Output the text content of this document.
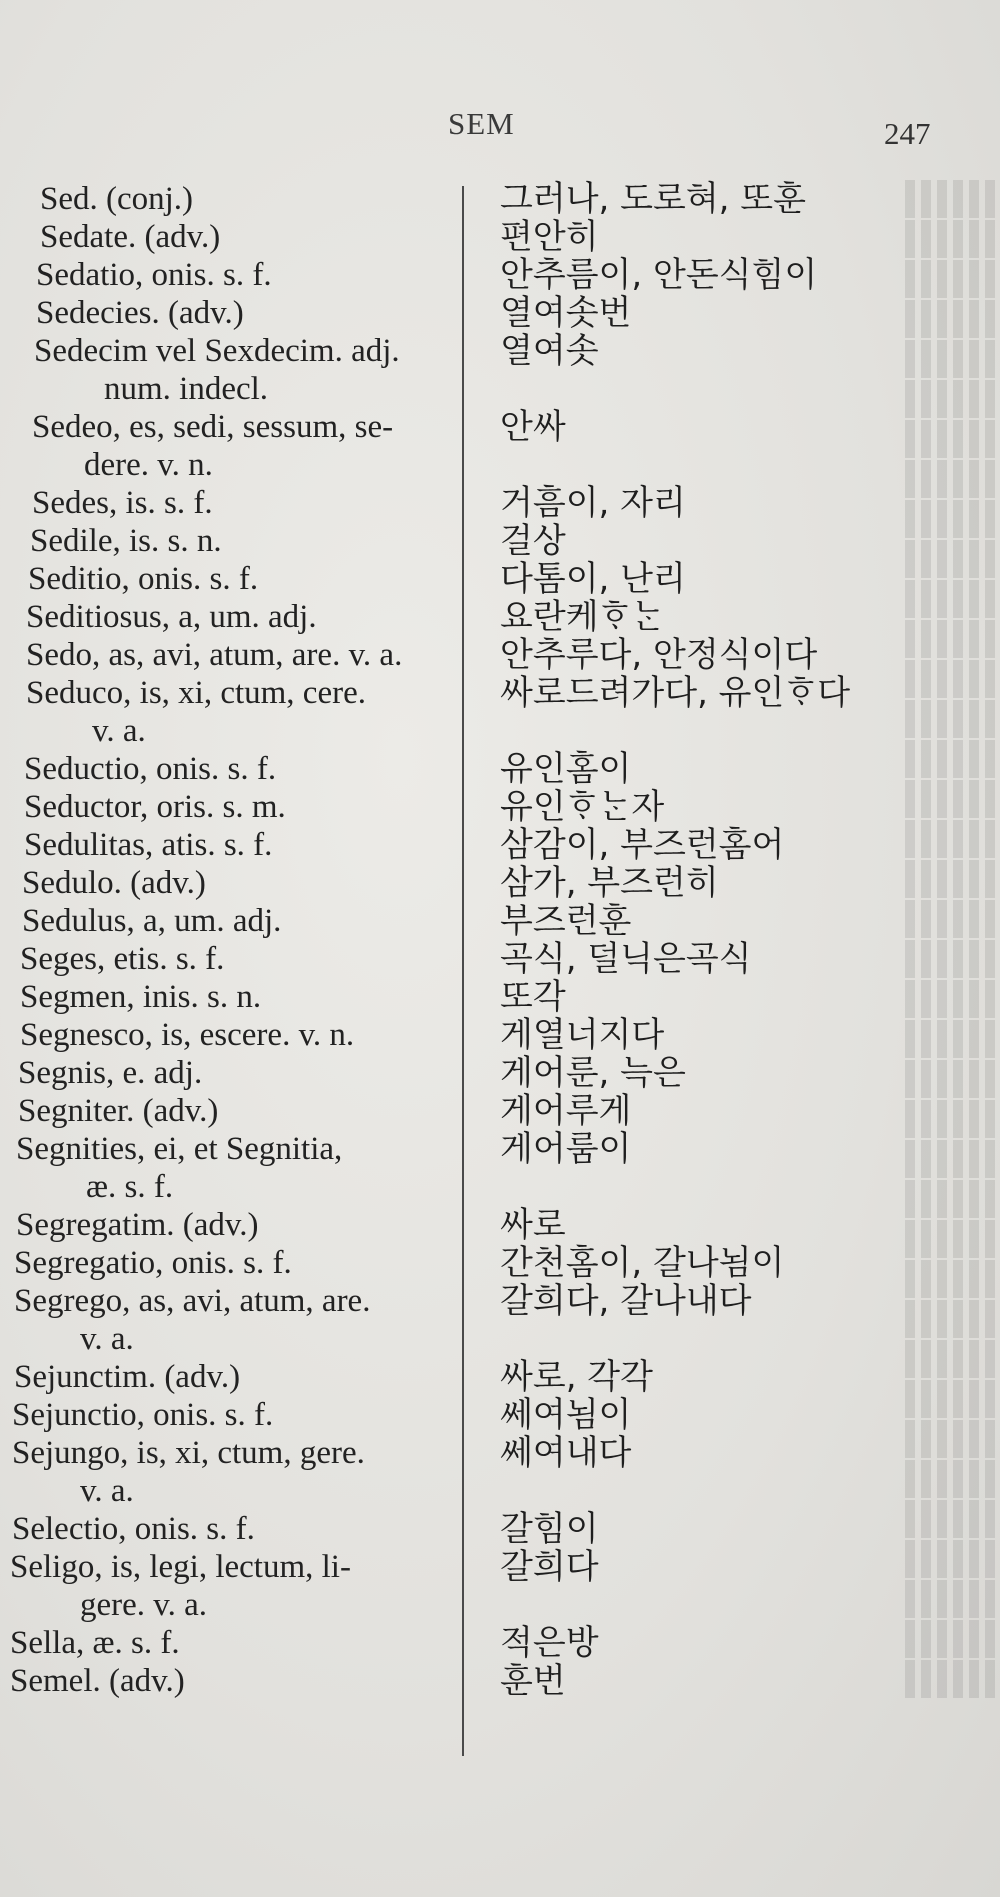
SEM	247
Sed. (conj.)	그러나, 도로혀, 또훈
Sedate. (adv.)	편안히
Sedatio, onis. s. f.	안추름이, 안돈식힘이
Sedecies. (adv.)	열여솟번
Sedecim vel Sexdecim. adj.	열여솟
num. indecl.
Sedeo, es, sedi, sessum, se-	안싸
dere. v. n.
Sedes, is. s. f.	거흠이, 자리
Sedile, is. s. n.	걸상
Seditio, onis. s. f.	다톰이, 난리
Seditiosus, a, um. adj.	요란케ᄒᆞᄂᆞᆫ
Sedo, as, avi, atum, are. v. a.	안추루다, 안정식이다
Seduco, is, xi, ctum, cere.	싸로드려가다, 유인ᄒᆞ다
v. a.
Seductio, onis. s. f.	유인홈이
Seductor, oris. s. m.	유인ᄒᆞᄂᆞᆫ자
Sedulitas, atis. s. f.	삼감이, 부즈런홈어
Sedulo. (adv.)	삼가, 부즈런히
Sedulus, a, um. adj.	부즈런훈
Seges, etis. s. f.	곡식, 덜닉은곡식
Segmen, inis. s. n.	또각
Segnesco, is, escere. v. n.	게열너지다
Segnis, e. adj.	게어룬, 늑은
Segniter. (adv.)	게어루게
Segnities, ei, et Segnitia,	게어룸이
æ. s. f.
Segregatim. (adv.)	싸로
Segregatio, onis. s. f.	간천홈이, 갈나뇜이
Segrego, as, avi, atum, are.	갈희다, 갈나내다
v. a.
Sejunctim. (adv.)	싸로, 각각
Sejunctio, onis. s. f.	쎄여뇜이
Sejungo, is, xi, ctum, gere.	쎄여내다
v. a.
Selectio, onis. s. f.	갈힘이
Seligo, is, legi, lectum, li-	갈희다
gere. v. a.
Sella, æ. s. f.	적은방
Semel. (adv.)	훈번
